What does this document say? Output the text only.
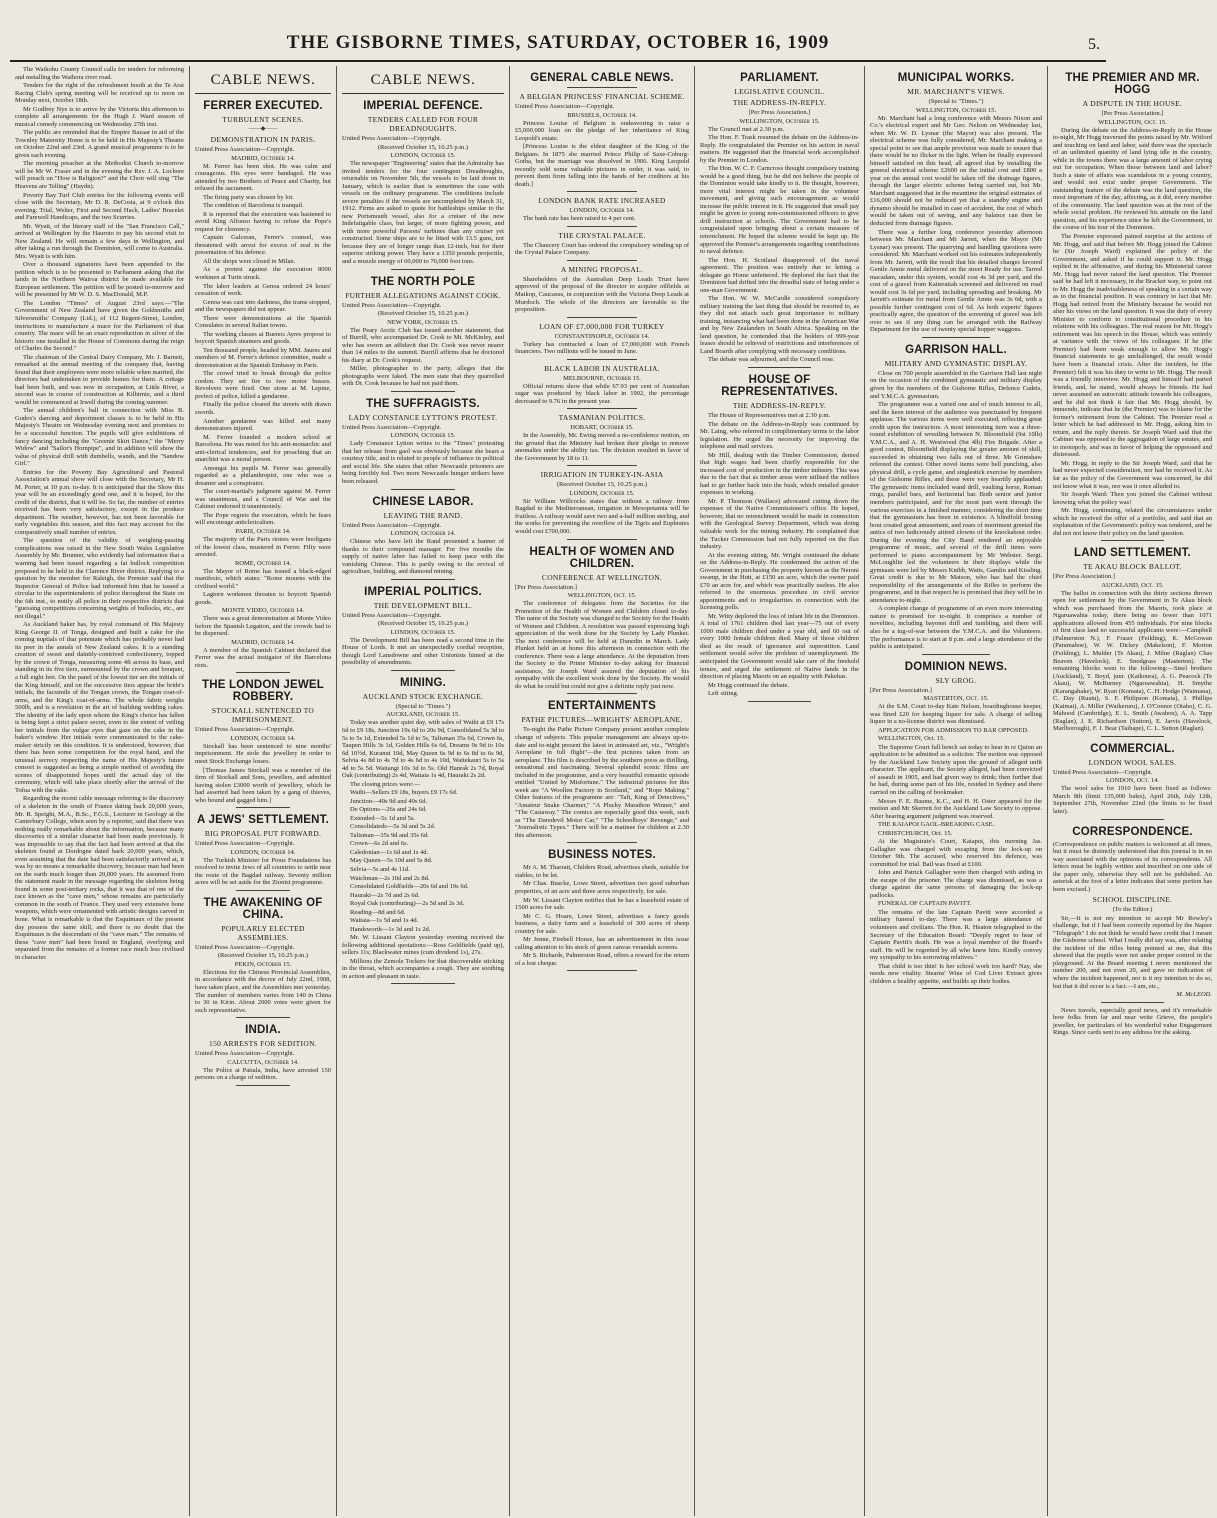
THE GISBORNE TIMES, SATURDAY, OCTOBER 16, 1909	5.

The Waikohu County Council calls for tenders for reforming and metalling the Waihora river road.

Tenders for the right of the refreshment booth at the Te Arai Racing Club's spring meeting will be received up to noon on Monday next, October 18th.

Mr Godfrey Nye is to arrive by the Victoria this afternoon to complete all arrangements for the Hugh J. Ward season of musical comedy commencing on Wednesday 27th inst.

The public are reminded that the Empire Bazaar in aid of the Townley Maternity Home is to be held in His Majesty's Theatre on October 22nd and 23rd. A grand musical programme is to be given each evening.

The morning preacher at the Methodist Church to-morrow will be Mr W. Fraser and in the evening the Rev. J. A. Lochore will preach on "How is Religion?" and the Choir will sing "The Heavens are Telling" (Haydn).

Poverty Bay Turf Club entries for the following events will close with the Secretary, Mr D. R. DeCosta, at 9 o'clock this evening: Trial, Welter, First and Second Hack, Ladies' Bracelet and Farewell Handicaps, and the two Scurries.

Mr. Wyatt, of the literary staff of the "San Francisco Call," arrived at Wellington by the Hauroto to pay his second visit to New Zealand. He will remain a few days in Wellington, and after taking a run through the Dominion, will come to Australia. Mrs. Wyatt is with him.

Over a thousand signatures have been appended to the petition which is to be presented to Parliament asking that the lands in the Northern Wairoa district be made available for European settlement. The petition will be posted to-morrow and will be presented by Mr W. D. S. MacDonald, M.P.

The London "Times" of August 23rd says:—"The Government of New Zealand have given the Goldsmiths and Silversmiths' Company (Ltd.), of 112 Regent-Street, London, instructions to manufacture a mace for the Parliament of that country. The mace will be an exact reproduction in silver of the historic one installed in the House of Commons during the reign of Charles the Second."

The chairman of the Central Dairy Company, Mr. J. Barnett, remarked at the annual meeting of the company that, having found that their employees were more reliable when married, the directors had undertaken to provide homes for them. A cottage had been built, and was now in occupation, at Little River, a second was in course of construction at Kilbirnie, and a third would be commenced at Irwell during the coming summer.

The annual children's ball in connection with Miss B. Gudex's dancing and deportment classes is to be held in His Majesty's Theatre on Wednesday evening next and promises to be a successful function. The pupils will give exhibitions of fancy dancing including the "Greenie Skirt Dance," the "Merry Widow" and "Sailor's Hornpipe", and in addition will show the value of physical drill with dumbells, wands, and the "Sandow Girl."

Entries for the Poverty Bay Agricultural and Pastoral Association's annual show will close with the Secretary, Mr H. M. Porter, at 10 p.m. to-day. It is anticipated that the Show this year will be an exceedingly good one, and it is hoped, for the credit of the district, that it will be. So far, the number of entries received has been very satisfactory, except in the produce department. The weather, however, has not been favorable for early vegetables this season, and this fact may account for the comparatively small number of entries.

The question of the validity of weighing-passing complications was raised in the New South Wales Legislative Assembly by Mr. Brunner, who evidently had information that a warning had been issued regarding a fat bullock competition proposed to be held in the Clarence River district. Replying to a question by the member for Raleigh, the Premier said that the Inspector General of Police had informed him that he issued a circular to the superintendents of police throughout the State on the 6th inst., to notify all police in their respective districts that "guessing competitions concerning weights of bullocks, etc., are not illegal."

As Auckland baker has, by royal command of His Majesty King George II. of Tonga, designed and built a cake for the coming nuptials of that potentate which has probably never had its peer in the annals of New Zealand cakes. It is a standing creation of sweet and daintily-contrived confectionery, topped by the crown of Tonga, measuring some 4ft across its base, and standing in its five tiers, surmounted by the crown and bouquet, a full eight feet. On the panel of the lowest tier are the initials of the King himself, and on the successive tiers appear the bride's initials, the facsimile of the Tongan crown, the Tongan coat-of-arms, and the King's coat-of-arms. The whole fabric weighs 500lb, and is a revelation in the art of building wedding cakes. The identity of the lady upon whom the King's choice has fallen is being kept a strict palace secret, even to the extent of veiling her initials from the vulgar eyes that gaze on the cake in the baker's window. Her initials were communicated to the cake-maker strictly on this condition. It is understood, however, that there has been some competition for the royal hand, and the unusual secrecy respecting the name of His Majesty's future consort is suggested as being a simple method of avoiding the scenes of disappointed hopes until the actual day of the ceremony, which will take place shortly after the arrival of the Tofua with the cake.

Regarding the recent cable message referring to the discovery of a skeleton in the south of France dating back 20,000 years, Mr. R. Speight, M.A., B.Sc., F.G.S., Lecturer in Geology at the Canterbury College, when seen by a reporter, said that there was nothing really remarkable about the information, because many discoveries of a similar character had been made previously. It was impossible to say that the fact had been arrived at that the skeleton found at Dordogne dated back 20,000 years, which, even assuming that the date had been satisfactorily arrived at, it was by no means a remarkable discovery, because man had been on the earth much longer than 20,000 years. He assumed from the statement made in the message regarding the skeleton being found in some post-tertiary rocks, that it was that of one of the race known as the "cave men," whose remains are particularly common in the south of France. They used very extensive bone weapons, which were ornamented with artistic designs carved in bone. What is remarkable is that the Esquimaux of the present day possess the same skill, and there is no doubt that the Esquimaux is the descendant of the "cave man." The remains of these "cave men" had been found in England, overlying and separated from the remains of a former race much less civilised in character.

CABLE NEWS.
FERRER EXECUTED.
TURBULENT SCENES.
——◆——
DEMONSTRATION IN PARIS.

United Press Association—Copyright.

MADRID, October 14.

M. Ferrer has been shot. He was calm and courageous. His eyes were bandaged. He was attended by two Brothers of Peace and Charity, but refused the sacrament.

The firing party was chosen by lot.

The condition of Barcelona is tranquil.

It is reported that the execution was hastened to avoid King Alfonso having to refuse the Pope's request for clemency.

Captain Galceran, Ferrer's counsel, was threatened with arrest for excess of zeal in the presentation of his defence.

All the shops were closed in Milan.

As a protest against the execution 8000 workmen at Turin struck.

The labor leaders at Genoa ordered 24 hours' cessation of work.

Genoa was cast into darkness, the trams stopped, and the newspapers did not appear.

There were demonstrations at the Spanish Consulates in several Italian towns.

The working classes at Buenos Ayres propose to boycott Spanish steamers and goods.

Ten thousand people, headed by MM. Jaures and members of M. Ferrer's defence committee, made a demonstration at the Spanish Embassy in Paris.

The crowd tried to break through the police cordon. They set fire to two motor busses. Revolvers were fired. One stone at M. Lepine, prefect of police, killed a gendarme.

Finally the police cleared the streets with drawn swords.

Another gendarme was killed and many demonstrators injured.

M. Ferrer founded a modern school at Barcelona. He was noted for his anti-monarchic and anti-clerical tendencies, and for preaching that an anarchist was a moral person.

Amongst his pupils M. Ferrer was generally regarded as a philanthropist, one who was a dreamer and a conspirator.

The court-martial's judgment against M. Ferrer was unanimous, and a Council of War and the Cabinet endorsed it unanimously.

The Pope regrets the execution, which he fears will encourage anticlericalism.

PARIS, October 14.

The majority of the Paris rioters were hooligans of the lowest class, mustered in Ferrer. Fifty were arrested.

ROME, October 14.

The Mayor of Rome has issued a black-edged manifesto, which states: "Rome mourns with the civilised world."

Lagtorn workmen threaten to boycott Spanish goods.

MONTE VIDEO, October 14.

There was a great demonstration at Monte Video before the Spanish Legation, and the crowds had to be dispersed.

MADRID, October 14.

A member of the Spanish Cabinet declared that Ferrer was the actual instigator of the Barcelona riots.

THE LONDON JEWEL ROBBERY.
STOCKALL SENTENCED TO IMPRISONMENT.

United Press Association—Copyright.

LONDON, October 14.

Stockall has been sentenced to nine months' imprisonment. He stole the jewellery in order to meet Stock Exchange losses.

[Thomas James Stockall was a member of the firm of Stockall and Sons, jewellers, and admitted having stolen £3000 worth of jewellery, which he had asserted had been taken by a gang of thieves, who bound and gagged him.]

A JEWS' SETTLEMENT.
BIG PROPOSAL PUT FORWARD.

United Press Association—Copyright.

LONDON, October 14.

The Turkish Minister for Pious Foundations has resolved to invite Jews of all countries to settle near the route of the Bagdad railway. Seventy million acres will be set aside for the Zionist programme.

THE AWAKENING OF CHINA.
POPULARLY ELECTED ASSEMBLIES.

United Press Association—Copyright.

(Received October 15, 10.25 p.m.)

PEKIN, October 15.

Elections for the Chinese Provincial Assemblies, in accordance with the decree of July 22nd, 1908, have taken place, and the Assemblies met yesterday. The number of members varies from 140 in China to 30 in Kirin. About 2000 votes were given for each representative.

INDIA.
150 ARRESTS FOR SEDITION.

United Press Association—Copyright.

CALCUTTA, October 14.

The Police at Patiala, India, have arrested 150 persons on a charge of sedition.

CABLE NEWS.
IMPERIAL DEFENCE.
TENDERS CALLED FOR FOUR DREADNOUGHTS.

United Press Association—Copyright.

(Received October 15, 10.25 p.m.)

LONDON, October 15.

The newspaper "Engineering" states that the Admiralty has invited tenders for the four contingent Dreadnoughts, returnable on November 5th, the vessels to be laid down in January, which is earlier than is sometimes the case with vessels on the ordinary programme. The conditions include severe penalties if the vessels are uncompleted by March 31, 1912. Firms are asked to quote for battleships similar to the new Portsmouth vessel, also for a cruiser of the new Indefatigable class, but larger, of more fighting power, and with more powerful Parsons' turbines than any cruiser yet constructed. Some ships are to be fitted with 13.5 guns, not because they are of longer range than 12-inch, but for their superior striking power. They have a 1350 pounds projectile, and a muzzle energy of 60,000 to 70,000 foot tons.

THE NORTH POLE
FURTHER ALLEGATIONS AGAINST COOK.

United Press Association—Copyright.

(Received October 15, 10.25 p.m.)

NEW YORK, October 15.

The Peary Arctic Club has issued another statement, that of Burrill, who accompanied Dr. Cook to Mt. McKinley, and who has sworn an affidavit that Dr. Cook was never nearer than 14 miles to the summit. Burrill affirms that he doctored his diary at Dr. Cook's request.

Miller, photographer to the party, alleges that the photographs were faked. The men state that they quarrelled with Dr. Cook because he had not paid them.

THE SUFFRAGISTS.
LADY CONSTANCE LYTTON'S PROTEST.

United Press Association—Copyright.

LONDON, October 15.

Lady Constance Lytton writes to the "Times" protesting that her release from gaol was obviously because she bears a courtesy title, and is related to people of influence in political and social life. She states that other Newcastle prisoners are being forcibly fed. Two more Newcastle hunger strikers have been released.

CHINESE LABOR.
LEAVING THE RAND.

United Press Association—Copyright.

LONDON, October 14.

Chinese who have left the Rand presented a banner of thanks to their compound manager. For five months the supply of native labor has failed to keep pace with the vanishing Chinese. This is partly owing to the revival of agriculture, building, and diamond mining.

IMPERIAL POLITICS.
THE DEVELOPMENT BILL.

United Press Association—Copyright.

(Received October 15, 10.25 p.m.)

LONDON, October 15.

The Development Bill has been read a second time in the House of Lords. It met an unexpectedly cordial reception, though Lord Lansdowne and other Unionists hinted at the possibility of amendments.

MINING.
AUCKLAND STOCK EXCHANGE.

(Special to "Times.")

AUCKLAND, October 15.

Today was another quiet day, with sales of Waihi at £9 17s 6d to £9 18s, Junction 19s 6d to 20s 9d, Consolidated 5s 3d to 5s to 5s 1d, Extended 5s 1d to 5s, Talisman 35s 6d, Crown 6s, Taupen Hills 3s 1d, Golden Hills 6s 6d, Dreams 9s 9d to 10s 6d 10½d, Kuranui 10d, May Queen 6s 9d to 6s 8d to 6s 9d, Selvia 4s 8d to 4s 7d to 4s 6d to 4s 10d, Waitekauri 5s to 5s 4d to 5s 5d. Waitangi 10s 3d to 5s. Old Hanrak 2s 7d, Royal Oak (contributing) 2s 4d, Waitaia 1s 4d, Hauraki 2s 2d.

The closing prices were:—

Waihi—Sellers £9 18s, buyers £9 17s 6d.

Junction—49s 9d and 49s 6d.

De Options—26s and 24s 6d.

Extended—5s 1d and 5s.

Consolidateds—5s 3d and 5s 2d.

Talisman—35s 9d and 35s 6d.

Crown—6s 2d and 6s.

Caledonian—1s 6d and 1s 4d.

May Queen—5s 10d and 5s 8d.

Selvia—5s and 4s 11d.

Watchman—2s 10d and 2s 8d.

Consolidated Goldfields—20s 6d and 19s 6d.

Hauraki—2s 7d and 2s 6d.

Royal Oak (contributing)—2s 5d and 2s 3d.

Reading—8d and 6d.

Waitaia—1s 5d and 1s 4d.

Handsworth—1s 3d and 1s 2d.

Mr. W. Lissant Clayton yesterday evening received the following additional quotations:—Ross Goldfields (paid up), sellers 11s; Blackwater mines (cum dividend 1s), 27s.

Millions the Zemole Tockers for that discoverable sticking in the throat, which accompanies a cough. They are soothing in action and pleasant in taste.

GENERAL CABLE NEWS.
A BELGIAN PRINCESS' FINANCIAL SCHEME.

United Press Association—Copyright.

BRUSSELS, October 14.

Princess Louise of Belgium is endeavoring to raise a £5,000,000 loan on the pledge of her inheritance of King Leopold's estate.

[Princess Louise is the eldest daughter of the King of the Belgians. In 1875 she married Prince Philip of Saxe-Coburg-Gotha, but the marriage was dissolved in 1906. King Leopold recently sold some valuable pictures in order, it was said, to prevent them from falling into the hands of her creditors at his death.]

LONDON BANK RATE INCREASED
LONDON, October 14.

The bank rate has been raised to 4 per cent.

THE CRYSTAL PALACE.

The Chancery Court has ordered the compulsory winding up of the Crystal Palace Company.

A MINING PROPOSAL.

Shareholders of the Australian Deep Leads Trust have approved of the proposal of the director to acquire oilfields at Maikop, Caucasus, in conjunction with the Victoria Deep Leads at Murdoch. The whole of the directors are favorable to the proposition.

LOAN OF £7,000,000 FOR TURKEY
CONSTANTINOPLE, October 14.

Turkey has contracted a loan of £7,000,000 with French financiers. Two millions will be issued in June.

BLACK LABOR IN AUSTRALIA.
MELBOURNE, October 15.

Official returns show that while 67.93 per cent of Australian sugar was produced by black labor in 1902, the percentage decreased to 9.76 in the present year.

TASMANIAN POLITICS.
HOBART, October 15.

In the Assembly, Mr. Ewing moved a no-confidence motion, on the ground that the Ministry had broken their pledge to remove anomalies under the ability tax. The division resulted in favor of the Government by 18 to 11.

IRRIGATION IN TURKEY-IN-ASIA

(Received October 15, 10.25 p.m.)

LONDON, October 15.

Sir William Willcocks states that without a railway from Bagdad to the Mediterranean, irrigation in Mesopotamia will be fruitless. A railway would save two and a-half million sterling, and the works for preventing the overflow of the Tigris and Euphrates would cost £700,000.

HEALTH OF WOMEN AND CHILDREN.
CONFERENCE AT WELLINGTON.

[Per Press Association.]

WELLINGTON, Oct. 15.

The conference of delegates from the Societies for the Promotion of the Health of Women and Children closed to-day. The name of the Society was changed to the Society for the Health of Women and Children. A resolution was passed expressing high appreciation of the work done for the Society by Lady Plunket. The next conference will be held at Dunedin in March. Lady Plunket held an at home this afternoon in connection with the conference. There was a large attendance. At the deputation from the Society to the Prime Minister to-day asking for financial assistance, Sir Joseph Ward assured the deputation of his sympathy with the excellent work done by the Society. He would do what he could but could not give a definite reply just now.

ENTERTAINMENTS
PATHE PICTURES—WRIGHTS' AEROPLANE.

To-night the Pathe Picture Company present another complete change of subjects. This popular management are always up-to-date and to-night present the latest in animated art, viz., "Wright's Aeroplane in full flight"—the first pictures taken from an aeroplane. This film is described by the southern press as thrilling, sensational and fascinating. Several splendid scenic films are included in the programme, and a very beautiful romantic episode entitled "United by Misfortune." The industrial pictures for this week are "A Woollen Factory in Scotland," and "Rope Making." Other features of the programme are: "Taft, King of Detectives," "Amateur Snake Charmer," "A Plucky Marathon Winner," and "The Castaway." The comics are especially good this week, such as "The Daredevil Motor Car," "The Schoolboys' Revenge," and "Journalistic Types." There will be a matinee for children at 2.30 this afternoon.

BUSINESS NOTES.

Mr A. M. Tharratt, Childers Road, advertises sheds, suitable for stables, to be let.

Mr Chas. Buscke, Lowe Street, advertises two good suburban properties, of an acre and three acres respectively, for sale.

Mr W. Lissant Clayton notifies that he has a leasehold estate of 1500 acres for sale.

Mr C. G. Hoare, Lowe Street, advertises a fancy goods business, a dairy farm and a leasehold of 300 acres of sheep country for sale.

Mr Jenne, Firebell House, has an advertisement in this issue calling attention to his stock of green canvas verandah screens.

Mr S. Richards, Palmerston Road, offers a reward for the return of a lost cheque.

PARLIAMENT.
LEGISLATIVE COUNCIL.
THE ADDRESS-IN-REPLY.

[Per Press Association.]

WELLINGTON, October 15.

The Council met at 2.30 p.m.

The Hon. F. Trask resumed the debate on the Address-in-Reply. He congratulated the Premier on his action in naval matters. He suggested that the financial work accomplished by the Premier in London.

The Hon. W. C. F. Carncross thought compulsory training would be a good thing, but he did not believe the people of the Dominion would take kindly to it. He thought, however, more vital interest might be taken in the volunteer movement, and giving such encouragement as would increase the public interest in it. He suggested that small pay might be given to young non-commissioned officers to give drill instruction at schools. The Government had to be congratulated upon bringing about a certain measure of retrenchment. He hoped the scheme would be kept up. He approved the Premier's arrangements regarding contributions to naval defence.

The Hon. H. Scotland disapproved of the naval agreement. The position was entirely due to letting a delegate go Home unfettered. He deplored the fact that the Dominion had drifted into the dreadful state of being under a one-man Government.

The Hon. W. W. McCardle considered compulsory military training the last thing that should be resorted to, as they did not attach such great importance to military training, instancing what had been done in the American War and by New Zealanders in South Africa. Speaking on the land question, he contended that the holders of 999-year leases should be relieved of restrictions and interferences of Land Boards after complying with necessary conditions.

The debate was adjourned, and the Council rose.

HOUSE OF REPRESENTATIVES.
THE ADDRESS-IN-REPLY.

The House of Representatives met at 2.30 p.m.

The debate on the Address-in-Reply was continued by Mr. Laing, who referred in complimentary terms to the labor legislation. He urged the necessity for improving the telephone and mail services.

Mr Hill, dealing with the Timber Commission, denied that high wages had been chiefly responsible for the increased cost of production in the timber industry. This was due to the fact that as timber areas were utilised the millers had to go further back into the bush, which entailed greater expenses in working.

Mr. P. Thomson (Wallace) advocated cutting down the expenses of the Native Commissioner's office. He hoped, however, that no retrenchment would be made in connection with the Geological Survey Department, which was doing valuable work for the mining industry. He complained that the Tucker Commission had not fully reported on the flax industry.

At the evening sitting, Mr. Wright continued the debate on the Address-in-Reply. He condemned the action of the Government in purchasing the property known as the Neroni swamp, in the Hutt, at £150 an acre, which the owner paid £70 an acre for, and which was practically useless. He also referred to the enormous procedure in civil service appointments and to irregularities in connection with the licensing polls.

Mr. Witty deplored the loss of infant life in the Dominion. A total of 1761 children died last year—75 out of every 1000 male children died under a year old, and 60 out of every 1000 female children died. Many of those children died as the result of ignorance and superstition. Land settlement would solve the problem of unemployment. He anticipated the Government would take care of the freehold tenure, and urged the settlement of Native lands in the direction of placing Maoris on an equality with Pakehas.

Mr Hogg continued the debate.

Left sitting.

MUNICIPAL WORKS.
MR. MARCHANT'S VIEWS.

(Special to "Times.")

WELLINGTON, October 15.

Mr. Marchant had a long conference with Messrs Nixon and Co.'s electrical expert and Mr Geo. Nelson on Wednesday last, when Mr. W. D. Lysnar (the Mayor) was also present. The electrical scheme was fully considered, Mr. Marchant making a special point to see that ample provision was made to ensure that there would be no flicker in the light. When he finally expressed himself satisfied on this head, all agreed that by installing the general electrical scheme £2600 on the initial cost and £800 a year on the annual cost would be taken off the drainage figures, through the larger electric scheme being carried out, but Mr. Marchant suggested that in the meantime the original estimates of £16,000 should not be reduced yet that a standby engine and dynamo should be installed in case of accident, the cost of which would be taken out of saving, and any balance can then be deducted from drainage figures.

There was a further long conference yesterday afternoon between Mr. Marchant and Mr Jarrett, when the Mayor (Mr Lysnar) was present. The quarrying and handling questions were considered. Mr. Marchant worked out his estimates independently from Mr. Jarrett, with the result that his detailed charges favored Gentle Annie metal delivered on the street Ready for use. Tarred macadam, under this system, would cost 4s 3d per yard, and the cost of a gravel from Kaiteratiah screened and delivered on road would cost 3s 6d per yard, including spreading and breaking. Mr Jarrett's estimate for metal from Gentle Annie was 3s 6d, with a possible further contingent cost of 6d. As both experts' figures practically agree, the question of the screening of gravel was left over to see if any thing can be arranged with the Railway Department for the use of twenty special hopper waggons.

GARRISON HALL.
MILITARY AND GYMNASTIC DISPLAY.

Close on 700 people assembled in the Garrison Hall last night on the occasion of the combined gymnastic and military display given by the members of the Gisborne Rifles, Defence Cadets, and Y.M.C.A. gymnasium.

The programme was a varied one and of much interest to all, and the keen interest of the audience was punctuated by frequent applause. The various items were well executed, reflecting great credit upon the instructors. A most interesting item was a three-round exhibition of wrestling between N. Bloomfield (9st 10lb) Y.M.C.A., and A. H. Westwood (9st 4lb) Fire Brigade. After a good contest, Bloomfield displaying the greater amount of skill, succeeded in obtaining two falls out of three. Mr Grimshaw refereed the contest. Other novel items were bell punching, also physical drill, a cycle game, and singlestick exercise by members of the Gisborne Rifles, and these were very heartily applauded. The gymnastic items included wand drill, vaulting horse, Roman rings, parallel bars, and horizontal bar. Both senior and junior members participated, and for the most part went through the various exercises in a finished manner, considering the short time that the gymnasium has been in existence. A blindfold boxing bout created great amusement, and roars of merriment greeted the antics of two ludicrously attired clowns of the knockabout order. During the evening the City Band rendered an enjoyable programme of music, and several of the drill items were performed to piano accompaniment by Mr Webster. Sergt. McLoughlin led the volunteers in their displays while the gymnasts were led by Messrs Knibb, Watts, Gamlin and Kissling. Great credit is due to Mr Matson, who has had the chief responsibility of the arrangements of the Rifles to perform the programme, and in that respect he is promised that they will be in attendance to-night.

A complete change of programme of an even more interesting nature is promised for to-night. It comprises a number of novelties, including bayonet drill and tumbling, and there will also be a tug-of-war between the Y.M.C.A. and the Volunteers. The performance is to start at 8 p.m. and a large attendance of the public is anticipated.

DOMINION NEWS.
SLY GROG.

[Per Press Association.]

MASTERTON, Oct. 15.

At the S.M. Court to-day Kate Nelson, boardinghouse keeper, was fined £20 for keeping liquor for sale. A charge of selling liquor in a no-license district was dismissed.

APPLICATION FOR ADMISSION TO BAR OPPOSED.

WELLINGTON, Oct. 15.

The Supreme Court full bench sat today to hear in re Quinn an application to be admitted as a solicitor. The motion was opposed by the Auckland Law Society upon the ground of alleged unfit character. The applicant, the Society alleged, had been convicted of assault in 1905, and had given way to drink; then further that he had, during some part of his life, resided in Sydney and there carried on the calling of bookmaker.

Messrs F. E. Baume, K.C., and H. H. Oster appeared for the motion and Mr Skerrett for the Auckland Law Society to oppose. After hearing argument judgment was reserved.

THE KAIAPOI GAOL-BREAKING CASE.

CHRISTCHURCH, Oct. 15.

At the Magistrate's Court, Kaiapoi, this morning Jas. Gallagher was charged with escaping from the lock-up on October 9th. The accused, who reserved his defence, was committed for trial. Bail was fixed at £100.

John and Patrick Gallagher were then charged with aiding in the escape of the prisoner. The charge was dismissed, as was a charge against the same persons of damaging the lock-up padlocks.

FUNERAL OF CAPTAIN PAVITT.

The remains of the late Captain Pavitt were accorded a military funeral to-day. There was a large attendance of volunteers and civilians. The Hon. R. Heaton telegraphed to the Secretary of the Education Board: "Deeply regret to hear of Captain Pavitt's death. He was a loyal member of the Board's staff. He will be regretted by all who knew him. Kindly convey my sympathy to his sorrowing relatives."

That child is too thin! Is her school work too hard? Nay, she needs new vitality. Stearns' Wine of Cod Liver Extract gives children a healthy appetite, and builds up their bodies.

THE PREMIER AND MR. HOGG
A DISPUTE IN THE HOUSE.

[Per Press Association.]

WELLINGTON, Oct. 15.

During the debate on the Address-in-Reply in the House to-night, Mr Hogg traversed the points raised by Mr. Witford and touching on land and labor, said there was the spectacle of an unlimited quantity of land lying idle in the country, while in the towns there was a large amount of labor crying out for occupation. When those between land and labor? Such a state of affairs was scandalous in a young country, and would not exist under proper Government. The outstanding feature of the debate was the land question, the most important of the day, affecting, as it did, every member of the community. The land question was at the root of the whole social problem. He reviewed his attitude on the land question, and his experience since he left the Government, in the course of his tour of the Dominion.

The Premier expressed pained surprise at the actions of Mr. Hogg, and said that before Mr. Hogg joined the Cabinet he (Sir Joseph Ward) explained the policy of the Government, and asked if he could support it. Mr. Hogg replied in the affirmative, and during his Ministerial career Mr. Hogg had never raised the land question. The Premier said he had left it necessary, in the Bracket way, to point out to Mr. Hogg the inadvisableness of speaking in a certain way as to the financial position. It was contrary to fact that Mr. Hogg had retired from the Ministry because he would not alter his views on the land question. It was the duty of every Minister to conform to constitutional procedure in his relations with his colleagues. The real reason for Mr. Hogg's retirement was his speech in the House, which was entirely at variance with the views of his colleagues. If he (the Premier) had been weak enough to allow Mr. Hogg's financial statements to go unchallenged, the result would have been a financial crisis. After the incident, he (the Premier) felt it was his duty to write to Mr. Hogg. The result was a friendly interview. Mr. Hogg and himself had parted friends, and, he stated, would always be friends. He had never assumed an autocratic attitude towards his colleagues, and he did not think it fair that Mr. Hogg should, by innuendo, indicate that he (the Premier) was to blame for the former's retirement from the Cabinet. The Premier read a letter which he had addressed to Mr. Hogg, asking him to return, and the reply thereto. Sir Joseph Ward said that the Cabinet was opposed to the aggregation of large estates, and to monopoly, and was in favor of helping the oppressed and distressed.

Mr. Hogg, in reply to the Sir Joseph Ward, said that he had never expected consideration, nor had he received it. As far as the policy of the Government was concerned, he did not know what it was, nor was it once alluded to.

Sir Joseph Ward: Then you joined the Cabinet without knowing what the policy was!

Mr. Hogg, continuing, related the circumstances under which he received the offer of a portfolio, and said that an explanation of the Government's policy was tendered, and he did not not know their policy on the land question.

LAND SETTLEMENT.
TE AKAU BLOCK BALLOT.

[Per Press Association.]

AUCKLAND, Oct. 15.

The ballot in connection with the thirty sections thrown open for settlement by the Government in Te Akau block which was purchased from the Maoris, took place at Ngaruawahia today, there being no fewer than 1071 applications allowed from 455 individuals. For nine blocks of first class land no successful applicants were:—Campbell (Palmerston N.), F. Fraser (Feilding), K. McGowan (Patumahoe), W. W. Dickey (Makelson), F. Morton (Feilding), L. Mulder (Te Akau), J. Milne (Raglan) Chas Beaven (Havelock), E. Snodgrass (Masterton). The remaining blocks went to the following:—Steel brothers (Auckland), T. Boyd, junr. (Kaikoura), A. G. Peacock (Te Akau), W. McBurney (Ngaruawahia), H. Smythe (Karangahake), W. Ryan (Komata), C. H. Hodge (Waimana), C. Day (Ruatu), S. F. Philipson (Komata), J. Phillips (Kaimai), A. Miller (Waikeruru), J. O'Connor (Otaho), C. G. Mahood (Cambridge), E. L. Smith (Awahou), A. A. Tapp (Raglan), J. E. Richardson (Sutton), E. Jarvis (Havelock, Marlborough), F. J. Bear (Taihape), C. L. Sutton (Raglan).

COMMERCIAL.
LONDON WOOL SALES.

United Press Association—Copyright.

LONDON, Oct. 14.

The wool sales for 1910 have been fixed as follows: March 8th (limit 135,000 bales), April 26th, July 12th, September 27th, November 22nd (the limits to be fixed later).

CORRESPONDENCE.

(Correspondence on public matters is welcomed at all times, but it must be distinctly understood that this journal is in no way associated with the opinions of its correspondents. All letters must be legibly written and inscribed on one side of the paper only, otherwise they will not be published. An asterisk at the foot of a letter indicates that some portion has been excised.)

SCHOOL DISCIPLINE.

(To the Editor.)

Sir,—It is not my intention to accept Mr Rowley's challenge, but if I had been correctly reported by the Napier "Telegraph" I do not think he would have credit that I meant the Gisborne school. What I really did say was, after relating the incident of the rifles being pointed at me, that this showed that the pupils were not under proper control in the playground. At the Board meeting I never mentioned the number 200, and not even 20, and gave no indication of where the incident happened, nor is it my intention to do so, but that it did occur is a fact.—I am, etc.,

M. McLEOD.

News travels, especially good news, and it's remarkable how folks from far and near write Grieve, the people's jeweller, for particulars of his wonderful value Engagement Rings. Since cards sent to any address for the asking.
